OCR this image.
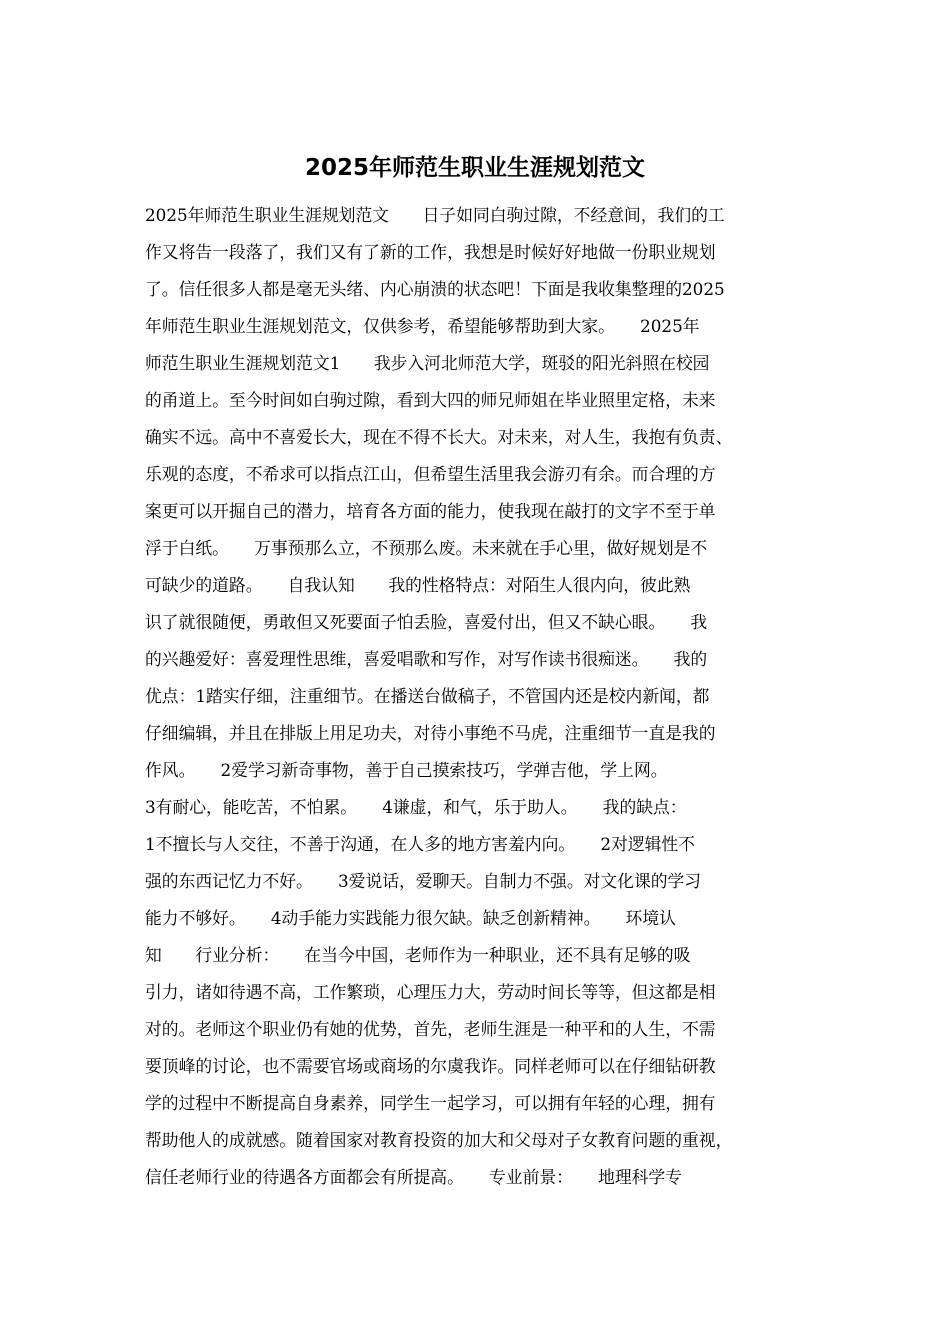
2025年师范生职业生涯规划范文
2025年师范生职业生涯规划范文　　日子如同白驹过隙，不经意间，我们的工
作又将告一段落了，我们又有了新的工作，我想是时候好好地做一份职业规划
了。信任很多人都是毫无头绪、内心崩溃的状态吧！下面是我收集整理的2025
年师范生职业生涯规划范文，仅供参考，希望能够帮助到大家。　　2025年
师范生职业生涯规划范文1　　我步入河北师范大学，斑驳的阳光斜照在校园
的甬道上。至今时间如白驹过隙，看到大四的师兄师姐在毕业照里定格，未来
确实不远。高中不喜爱长大，现在不得不长大。对未来，对人生，我抱有负责、
乐观的态度，不希求可以指点江山，但希望生活里我会游刃有余。而合理的方
案更可以开掘自己的潜力，培育各方面的能力，使我现在敲打的文字不至于单
浮于白纸。　　万事预那么立，不预那么废。未来就在手心里，做好规划是不
可缺少的道路。　　自我认知　　我的性格特点：对陌生人很内向，彼此熟
识了就很随便，勇敢但又死要面子怕丢脸，喜爱付出，但又不缺心眼。　　我
的兴趣爱好：喜爱理性思维，喜爱唱歌和写作，对写作读书很痴迷。　　我的
优点：1踏实仔细，注重细节。在播送台做稿子，不管国内还是校内新闻，都
仔细编辑，并且在排版上用足功夫，对待小事绝不马虎，注重细节一直是我的
作风。　　2爱学习新奇事物，善于自己摸索技巧，学弹吉他，学上网。　
3有耐心，能吃苦，不怕累。　　4谦虚，和气，乐于助人。　　我的缺点：
1不擅长与人交往，不善于沟通，在人多的地方害羞内向。　　2对逻辑性不
强的东西记忆力不好。　　3爱说话，爱聊天。自制力不强。对文化课的学习
能力不够好。　　4动手能力实践能力很欠缺。缺乏创新精神。　　环境认
知　　行业分析：　　在当今中国，老师作为一种职业，还不具有足够的吸
引力，诸如待遇不高，工作繁琐，心理压力大，劳动时间长等等，但这都是相
对的。老师这个职业仍有她的优势，首先，老师生涯是一种平和的人生，不需
要顶峰的讨论，也不需要官场或商场的尔虞我诈。同样老师可以在仔细钻研教
学的过程中不断提高自身素养，同学生一起学习，可以拥有年轻的心理，拥有
帮助他人的成就感。随着国家对教育投资的加大和父母对子女教育问题的重视，
信任老师行业的待遇各方面都会有所提高。　　专业前景：　　地理科学专
